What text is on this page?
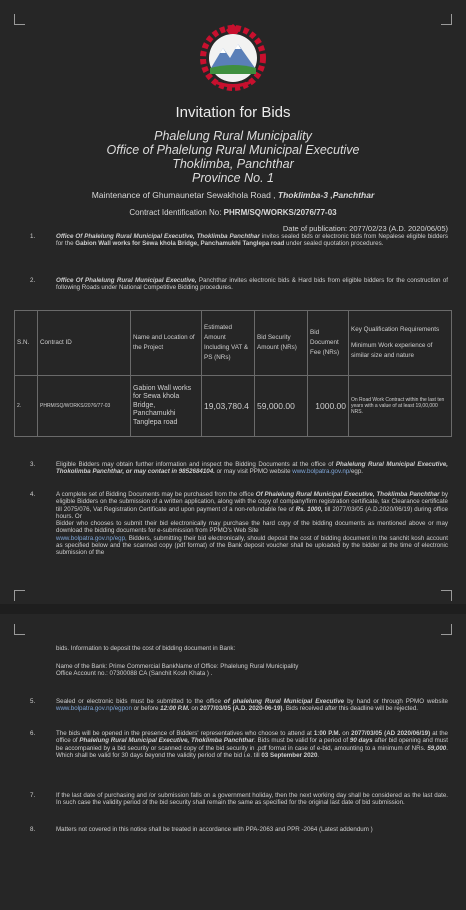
Invitation for Bids
Phalelung Rural Municipality
Office of Phalelung Rural Municipal Executive
Thoklimba, Panchthar
Province No. 1
Maintenance of Ghumaunetar Sewakhola Road , Thoklimba-3 ,Panchthar
Contract Identification No: PHRM/SQ/WORKS/2076/77-03
Date of publication: 2077/02/23 (A.D. 2020/06/05)
1.	Office Of Phalelung Rural Municipal Executive, Thoklimba Panchthar invites sealed bids or electronic bids from Nepalese eligible bidders for the Gabion Wall works for Sewa khola Bridge, Panchamukhi Tanglepa road under sealed quotation procedures.
2.	Office Of Phalelung Rural Municipal Executive, Panchthar invites electronic bids & Hard bids from eligible bidders for the construction of following Roads under National Competitive Bidding procedures.
S.N.	Contract ID	Name and Location of the Project	Estimated Amount Including VAT & PS (NRs)	Bid Security Amount (NRs)	Bid Document Fee (NRs)	Key Qualification Requirements
Minimum Work experience of similar size and nature

2.	PHRM/SQ/WORKS/2076/77-03	Gabion Wall works for Sewa khola Bridge, Panchamukhi Tanglepa road	19,03,780.4	59,000.00	1000.00	On Road Work Contract within the last ten years with a value of at least 19,00,000 NRS.
3.	Eligible Bidders may obtain further information and inspect the Bidding Documents at the office of Phalelung Rural Municipal Executive, Thokolimba Panchthar, or may contact in 9852684104. or may visit PPMO website www.bolpatra.gov.np/egp.
4.	A complete set of Bidding Documents may be purchased from the office Of Phalelung Rural Municipal Executive, Thoklimba Panchthar by eligible Bidders on the submission of a written application, along with the copy of company/firm registration certificate, tax Clearance certificate till 2075/076, Vat Registration Certificate and upon payment of a non-refundable fee of Rs. 1000, till 2077/03/05 (A.D.2020/06/19) during office hours. Or
Bidder who chooses to submit their bid electronically may purchase the hard copy of the bidding documents as mentioned above or may download the bidding documents for e-submission from PPMO's Web Site
www.bolpatra.gov.np/egp, Bidders, submitting their bid electronically, should deposit the cost of bidding document in the sanchit kosh account as specified below and the scanned copy (pdf format) of the Bank deposit voucher shall be uploaded by the bidder at the time of electronic submission of the
bids. Information to deposit the cost of bidding document in Bank:
Name of the Bank: Prime Commercial BankName of Office: Phalelung Rural Municipality
Office Account no.: 07300088 CA (Sanchit Kosh Khata ) .
5.	Sealed or electronic bids must be submitted to the office of phalelung Rural Municipal Executive by hand or through PPMO website www.bolpatra.gov.np/egpon or before 12:00 P.M. on 2077/03/05 (A.D. 2020-06-19). Bids received after this deadline will be rejected.
6.	The bids will be opened in the presence of Bidders' representatives who choose to attend at 1:00 P.M. on 2077/03/05 (AD 2020/06/19) at the office of Phalelung Rural Municipal Executive, Thoklimba Panchthar. Bids must be valid for a period of 90 days after bid opening and must be accompanied by a bid security or scanned copy of the bid security in .pdf format in case of e-bid, amounting to a minimum of NRs. 59,000. Which shall be valid for 30 days beyond the validity period of the bid i.e. till 03 September 2020.
7.	If the last date of purchasing and /or submission falls on a government holiday, then the next working day shall be considered as the last date. In such case the validity period of the bid security shall remain the same as specified for the original last date of bid submission.
8.	Matters not covered in this notice shall be treated in accordance with PPA-2063 and PPR -2064 (Latest addendum )
